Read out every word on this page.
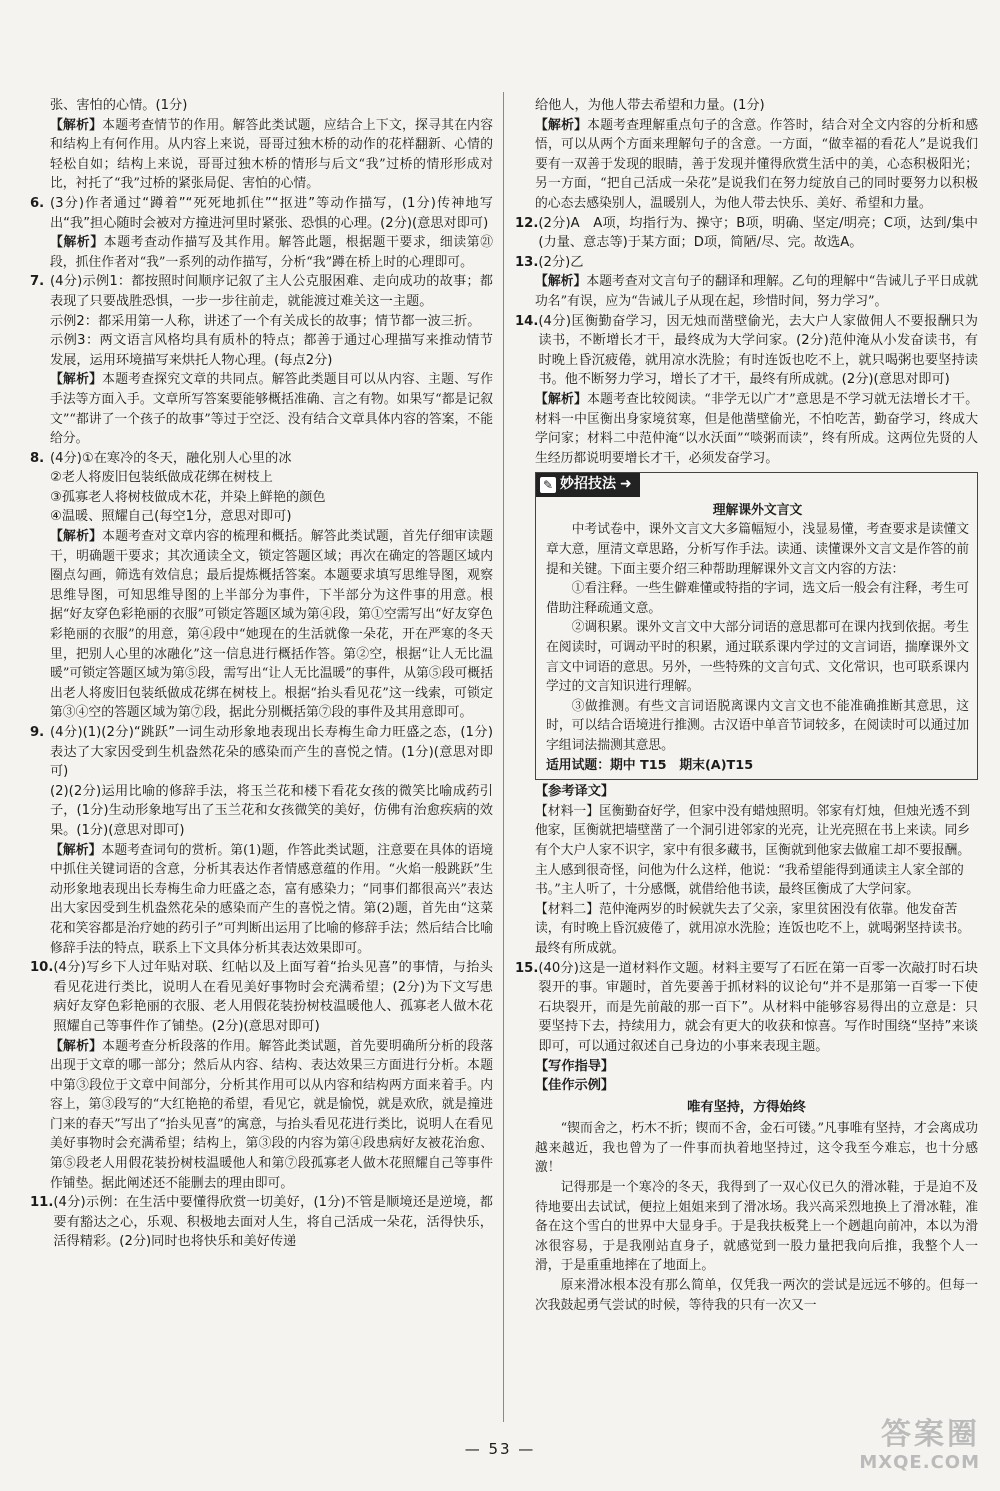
张、害怕的心情。(1分)

【解析】本题考查情节的作用。解答此类试题，应结合上下文，探寻其在内容和结构上有何作用。从内容上来说，哥哥过独木桥的动作的花样翻新、心情的轻松自如；结构上来说，哥哥过独木桥的情形与后文“我”过桥的情形形成对比，衬托了“我”过桥的紧张局促、害怕的心情。

6. (3分)作者通过“蹲着”“死死地抓住”“抠进”等动作描写，(1分)传神地写出“我”担心随时会被对方撞进河里时紧张、恐惧的心理。(2分)(意思对即可)

【解析】本题考查动作描写及其作用。解答此题，根据题干要求，细读第㉑段，抓住作者对“我”一系列的动作描写，分析“我”蹲在桥上时的心理即可。

7. (4分)示例1：都按照时间顺序记叙了主人公克服困难、走向成功的故事；都表现了只要战胜恐惧，一步一步往前走，就能渡过难关这一主题。

示例2：都采用第一人称，讲述了一个有关成长的故事；情节都一波三折。

示例3：两文语言风格均具有质朴的特点；都善于通过心理描写来推动情节发展，运用环境描写来烘托人物心理。(每点2分)

【解析】本题考查探究文章的共同点。解答此类题目可以从内容、主题、写作手法等方面入手。文章所写答案要能够概括准确、言之有物。如果写“都是记叙文”“都讲了一个孩子的故事”等过于空泛、没有结合文章具体内容的答案，不能给分。

8. (4分)①在寒冷的冬天，融化别人心里的冰

②老人将废旧包装纸做成花绑在树枝上

③孤寡老人将树枝做成木花，并染上鲜艳的颜色

④温暖、照耀自己(每空1分，意思对即可)

【解析】本题考查对文章内容的梳理和概括。解答此类试题，首先仔细审读题干，明确题干要求；其次通读全文，锁定答题区域；再次在确定的答题区域内圈点勾画，筛选有效信息；最后提炼概括答案。本题要求填写思维导图，观察思维导图，可知思维导图的上半部分为事件，下半部分为这件事的用意。根据“好友穿色彩艳丽的衣服”可锁定答题区域为第④段，第①空需写出“好友穿色彩艳丽的衣服”的用意，第④段中“她现在的生活就像一朵花，开在严寒的冬天里，把别人心里的冰融化”这一信息进行概括作答。第②空，根据“让人无比温暖”可锁定答题区域为第⑤段，需写出“让人无比温暖”的事件，从第⑤段可概括出老人将废旧包装纸做成花绑在树枝上。根据“抬头看见花”这一线索，可锁定第③④空的答题区域为第⑦段，据此分别概括第⑦段的事件及其用意即可。

9. (4分)(1)(2分)“跳跃”一词生动形象地表现出长寿梅生命力旺盛之态，(1分)表达了大家因受到生机盎然花朵的感染而产生的喜悦之情。(1分)(意思对即可)

(2)(2分)运用比喻的修辞手法，将玉兰花和楼下看花女孩的微笑比喻成药引子，(1分)生动形象地写出了玉兰花和女孩微笑的美好，仿佛有治愈疾病的效果。(1分)(意思对即可)

【解析】本题考查词句的赏析。第(1)题，作答此类试题，注意要在具体的语境中抓住关键词语的含意，分析其表达作者情感意蕴的作用。“火焰一般跳跃”生动形象地表现出长寿梅生命力旺盛之态，富有感染力；“同事们都很高兴”表达出大家因受到生机盎然花朵的感染而产生的喜悦之情。第(2)题，首先由“这菜花和笑容都是治疗她的药引子”可判断出运用了比喻的修辞手法；然后结合比喻修辞手法的特点，联系上下文具体分析其表达效果即可。

10. (4分)写乡下人过年贴对联、红帖以及上面写着“抬头见喜”的事情，与抬头看见花进行类比，说明人在看见美好事物时会充满希望；(2分)为下文写患病好友穿色彩艳丽的衣服、老人用假花装扮树枝温暖他人、孤寡老人做木花照耀自己等事件作了铺垫。(2分)(意思对即可)

【解析】本题考查分析段落的作用。解答此类试题，首先要明确所分析的段落出现于文章的哪一部分；然后从内容、结构、表达效果三方面进行分析。本题中第③段位于文章中间部分，分析其作用可以从内容和结构两方面来着手。内容上，第③段写的“大红艳艳的希望，看见它，就是愉悦，就是欢欣，就是撞进门来的春天”写出了“抬头见喜”的寓意，与抬头看见花进行类比，说明人在看见美好事物时会充满希望；结构上，第③段的内容为第④段患病好友被花治愈、第⑤段老人用假花装扮树枝温暖他人和第⑦段孤寡老人做木花照耀自己等事件作铺垫。据此阐述还不能删去的理由即可。

11. (4分)示例：在生活中要懂得欣赏一切美好，(1分)不管是顺境还是逆境，都要有豁达之心，乐观、积极地去面对人生，将自己活成一朵花，活得快乐，活得精彩。(2分)同时也将快乐和美好传递

给他人，为他人带去希望和力量。(1分)

【解析】本题考查理解重点句子的含意。作答时，结合对全文内容的分析和感悟，可以从两个方面来理解句子的含意。一方面，“做幸福的看花人”是说我们要有一双善于发现的眼睛，善于发现并懂得欣赏生活中的美，心态积极阳光；另一方面，“把自己活成一朵花”是说我们在努力绽放自己的同时要努力以积极的心态去感染别人，温暖别人，为他人带去快乐、美好、希望和力量。

12. (2分)A　A项，均指行为、操守；B项，明确、坚定/明亮；C项，达到/集中(力量、意志等)于某方面；D项，简陋/尽、完。故选A。
13. (2分)乙

【解析】本题考查对文言句子的翻译和理解。乙句的理解中“告诫儿子平日成就功名”有误，应为“告诫儿子从现在起，珍惜时间，努力学习”。

14. (4分)匡衡勤奋学习，因无烛而凿壁偷光，去大户人家做佣人不要报酬只为读书，不断增长才干，最终成为大学问家。(2分)范仲淹从小发奋读书，有时晚上昏沉疲倦，就用凉水洗脸；有时连饭也吃不上，就只喝粥也要坚持读书。他不断努力学习，增长了才干，最终有所成就。(2分)(意思对即可)

【解析】本题考查比较阅读。“非学无以广才”意思是不学习就无法增长才干。材料一中匡衡出身家境贫寒，但是他凿壁偷光，不怕吃苦，勤奋学习，终成大学问家；材料二中范仲淹“以水沃面”“啖粥而读”，终有所成。这两位先贤的人生经历都说明要增长才干，必须发奋学习。

✎ 妙招技法 ➜

理解课外文言文

中考试卷中，课外文言文大多篇幅短小，浅显易懂，考查要求是读懂文章大意，厘清文章思路，分析写作手法。读通、读懂课外文言文是作答的前提和关键。下面主要介绍三种帮助理解课外文言文内容的方法：

①看注释。一些生僻难懂或特指的字词，选文后一般会有注释，考生可借助注释疏通文意。

②调积累。课外文言文中大部分词语的意思都可在课内找到依据。考生在阅读时，可调动平时的积累，通过联系课内学过的文言词语，揣摩课外文言文中词语的意思。另外，一些特殊的文言句式、文化常识，也可联系课内学过的文言知识进行理解。

③做推测。有些文言词语脱离课内文言文也不能准确推断其意思，这时，可以结合语境进行推测。古汉语中单音节词较多，在阅读时可以通过加字组词法揣测其意思。

适用试题：期中 T15　期末(A)T15

【参考译文】

【材料一】匡衡勤奋好学，但家中没有蜡烛照明。邻家有灯烛，但烛光透不到他家，匡衡就把墙壁凿了一个洞引进邻家的光亮，让光亮照在书上来读。同乡有个大户人家不识字，家中有很多藏书，匡衡就到他家去做雇工却不要报酬。主人感到很奇怪，问他为什么这样，他说：“我希望能得到通读主人家全部的书。”主人听了，十分感慨，就借给他书读，最终匡衡成了大学问家。

【材料二】范仲淹两岁的时候就失去了父亲，家里贫困没有依靠。他发奋苦读，有时晚上昏沉疲倦了，就用凉水洗脸；连饭也吃不上，就喝粥坚持读书。最终有所成就。

15. (40分)这是一道材料作文题。材料主要写了石匠在第一百零一次敲打时石块裂开的事。审题时，首先要善于抓材料的议论句“并不是那第一百零一下使石块裂开，而是先前敲的那一百下”。从材料中能够容易得出的立意是：只要坚持下去，持续用力，就会有更大的收获和惊喜。写作时围绕“坚持”来谈即可，可以通过叙述自己身边的小事来表现主题。

【写作指导】

【佳作示例】

唯有坚持，方得始终

“锲而舍之，朽木不折；锲而不舍，金石可镂。”凡事唯有坚持，才会离成功越来越近，我也曾为了一件事而执着地坚持过，这令我至今难忘，也十分感激！

记得那是一个寒冷的冬天，我得到了一双心仪已久的滑冰鞋，于是迫不及待地要出去试试，便拉上姐姐来到了滑冰场。我兴高采烈地换上了滑冰鞋，准备在这个雪白的世界中大显身手。于是我扶板凳上一个趔趄向前冲，本以为滑冰很容易，于是我刚站直身子，就感觉到一股力量把我向后推，我整个人一滑，于是重重地摔在了地面上。

原来滑冰根本没有那么简单，仅凭我一两次的尝试是远远不够的。但每一次我鼓起勇气尝试的时候，等待我的只有一次又一

— 53 —	答案圈
MXQE.COM
